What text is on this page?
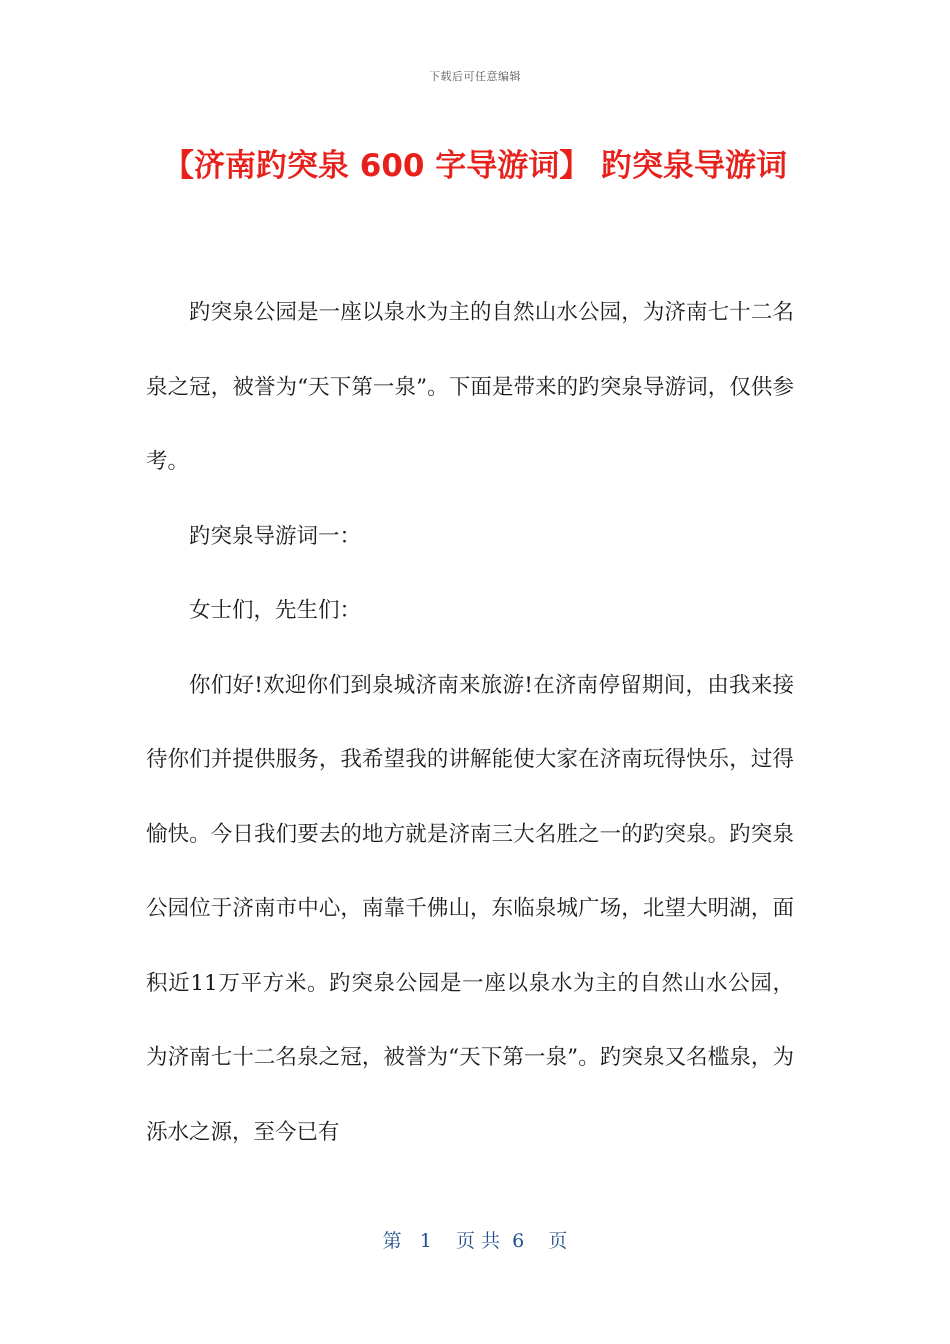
下载后可任意编辑
【济南趵突泉 600 字导游词】 趵突泉导游词

趵突泉公园是一座以泉水为主的自然山水公园，为济南七十二名泉之冠，被誉为“天下第一泉”。下面是带来的趵突泉导游词，仅供参考。

趵突泉导游词一：

女士们，先生们：

你们好!欢迎你们到泉城济南来旅游!在济南停留期间，由我来接待你们并提供服务，我希望我的讲解能使大家在济南玩得快乐，过得愉快。今日我们要去的地方就是济南三大名胜之一的趵突泉。趵突泉公园位于济南市中心，南靠千佛山，东临泉城广场，北望大明湖，面积近11万平方米。趵突泉公园是一座以泉水为主的自然山水公园，为济南七十二名泉之冠，被誉为“天下第一泉”。趵突泉又名槛泉，为泺水之源，至今已有

第   1    页 共  6    页
